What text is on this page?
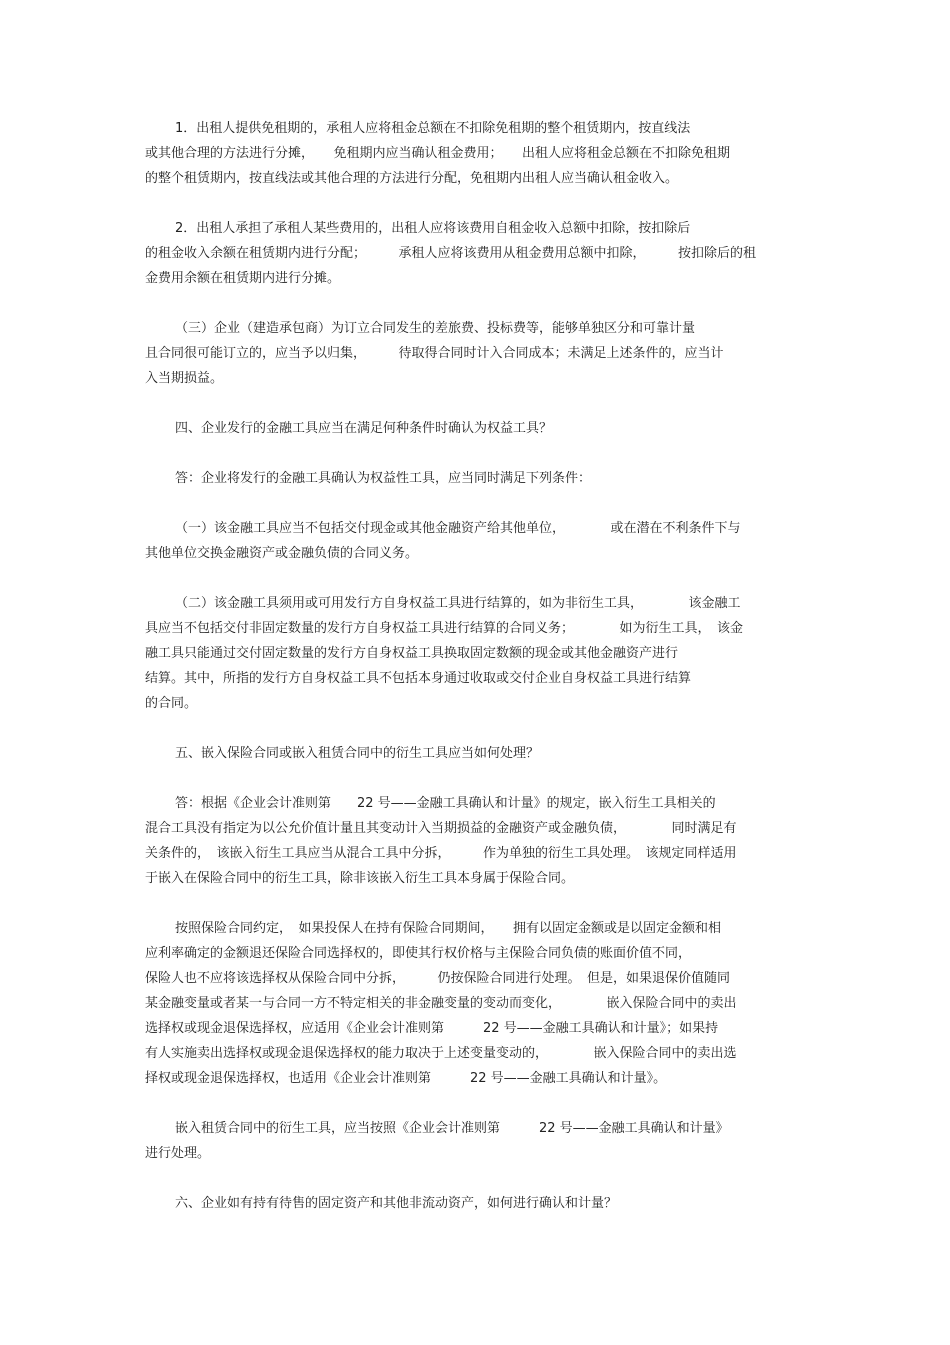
1．出租人提供免租期的，承租人应将租金总额在不扣除免租期的整个租赁期内，按直线法
或其他合理的方法进行分摊，　　免租期内应当确认租金费用；　　出租人应将租金总额在不扣除免租期
的整个租赁期内，按直线法或其他合理的方法进行分配，免租期内出租人应当确认租金收入。
2．出租人承担了承租人某些费用的，出租人应将该费用自租金收入总额中扣除，按扣除后
的租金收入余额在租赁期内进行分配；　　　承租人应将该费用从租金费用总额中扣除，　　　按扣除后的租
金费用余额在租赁期内进行分摊。
（三）企业（建造承包商）为订立合同发生的差旅费、投标费等，能够单独区分和可靠计量
且合同很可能订立的，应当予以归集，　　　待取得合同时计入合同成本；未满足上述条件的，应当计
入当期损益。
四、企业发行的金融工具应当在满足何种条件时确认为权益工具？
答：企业将发行的金融工具确认为权益性工具，应当同时满足下列条件：
（一）该金融工具应当不包括交付现金或其他金融资产给其他单位，　　　　或在潜在不利条件下与
其他单位交换金融资产或金融负债的合同义务。
（二）该金融工具须用或可用发行方自身权益工具进行结算的，如为非衍生工具，　　　　该金融工
具应当不包括交付非固定数量的发行方自身权益工具进行结算的合同义务；　　　　如为衍生工具，　该金
融工具只能通过交付固定数量的发行方自身权益工具换取固定数额的现金或其他金融资产进行
结算。其中，所指的发行方自身权益工具不包括本身通过收取或交付企业自身权益工具进行结算
的合同。
五、嵌入保险合同或嵌入租赁合同中的衍生工具应当如何处理？
答：根据《企业会计准则第　　22 号——金融工具确认和计量》的规定，嵌入衍生工具相关的
混合工具没有指定为以公允价值计量且其变动计入当期损益的金融资产或金融负债，　　　　同时满足有
关条件的，　该嵌入衍生工具应当从混合工具中分拆，　　　作为单独的衍生工具处理。　该规定同样适用
于嵌入在保险合同中的衍生工具，除非该嵌入衍生工具本身属于保险合同。
按照保险合同约定，　如果投保人在持有保险合同期间，　　拥有以固定金额或是以固定金额和相
应利率确定的金额退还保险合同选择权的，即使其行权价格与主保险合同负债的账面价值不同，
保险人也不应将该选择权从保险合同中分拆，　　　仍按保险合同进行处理。　但是，如果退保价值随同
某金融变量或者某一与合同一方不特定相关的非金融变量的变动而变化，　　　　嵌入保险合同中的卖出
选择权或现金退保选择权，应适用《企业会计准则第　　　22 号——金融工具确认和计量》；如果持
有人实施卖出选择权或现金退保选择权的能力取决于上述变量变动的，　　　　嵌入保险合同中的卖出选
择权或现金退保选择权，也适用《企业会计准则第　　　22 号——金融工具确认和计量》。
嵌入租赁合同中的衍生工具，应当按照《企业会计准则第　　　22 号——金融工具确认和计量》
进行处理。
六、企业如有持有待售的固定资产和其他非流动资产，如何进行确认和计量？
